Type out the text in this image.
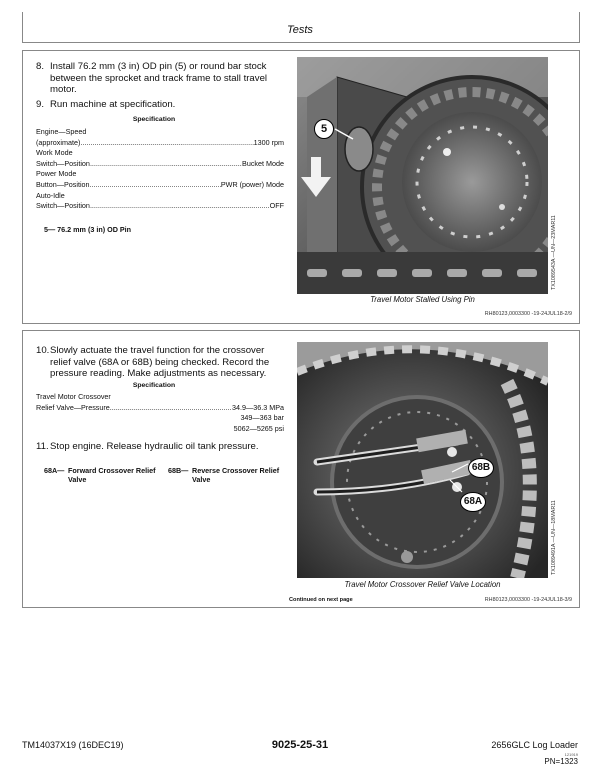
Tests
8. Install 76.2 mm (3 in) OD pin (5) or round bar stock between the sprocket and track frame to stall travel motor.
9. Run machine at specification.
Specification
Engine—Speed
(approximate) .....	1300 rpm
Work Mode
Switch—Position .....	Bucket Mode
Power Mode
Button—Position .....	PWR (power) Mode
Auto-Idle
Switch—Position .....	OFF
5— 76.2 mm (3 in) OD Pin
5
TX1089543A —UN—23MAR11
Travel Motor Stalled Using Pin
RH80123,0003300 -19-24JUL18-2/9
10. Slowly actuate the travel function for the crossover relief valve (68A or 68B) being checked. Record the pressure reading. Make adjustments as necessary.
Specification
Travel Motor Crossover
Relief Valve—Pressure .....	34.9—36.3 MPa
349—363 bar
5062—5265 psi
11. Stop engine. Release hydraulic oil tank pressure.
68A— Forward Crossover Relief Valve
68B— Reverse Crossover Relief Valve
68B
68A	TX1089491A —UN—18MAR11
Travel Motor Crossover Relief Valve Location
Continued on next page	RH80123,0003300 -19-24JUL18-3/9
TM14037X19 (16DEC19)	9025-25-31	2656GLC Log Loader
121919
PN=1323
